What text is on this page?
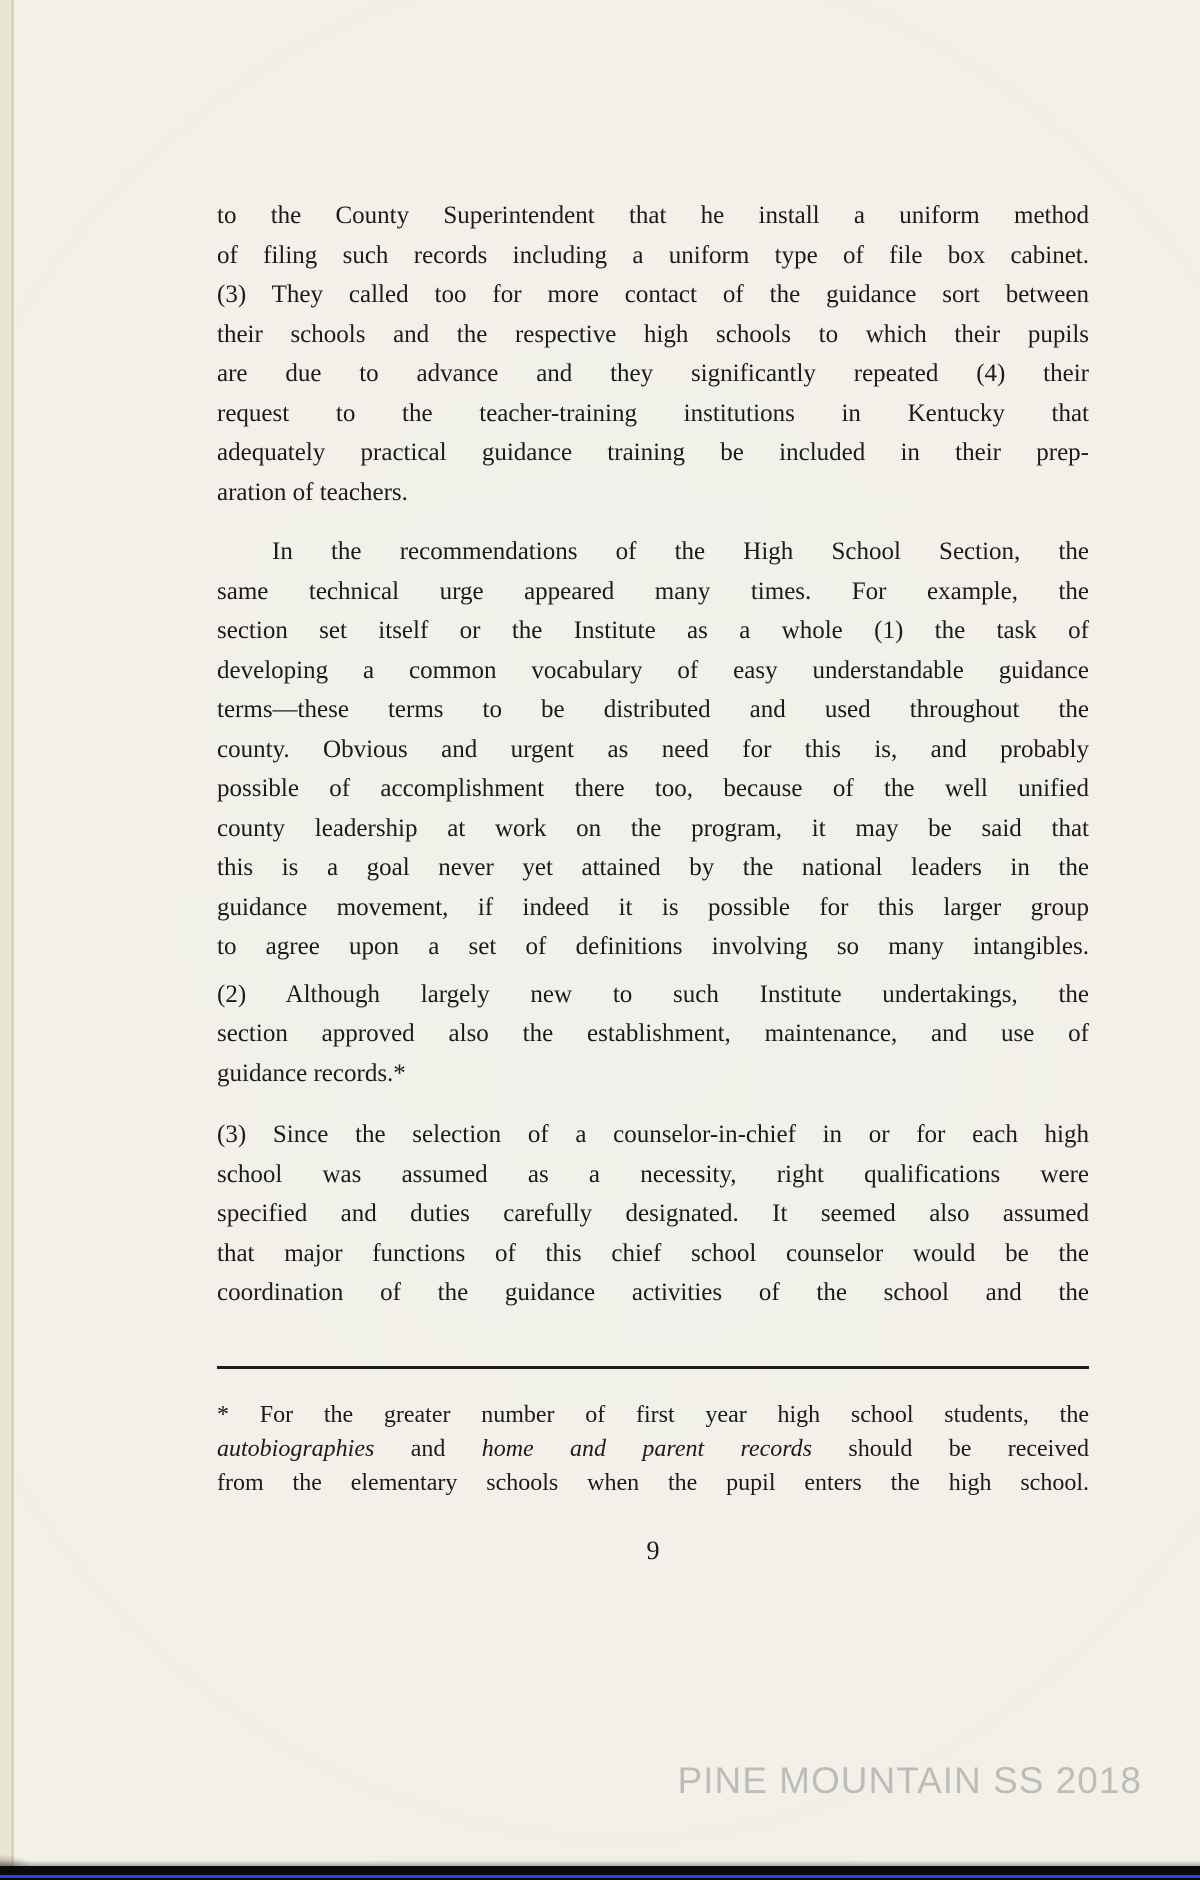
to the County Superintendent that he install a uniform method
of filing such records including a uniform type of file box cabinet.
(3) They called too for more contact of the guidance sort between
their schools and the respective high schools to which their pupils
are due to advance and they significantly repeated (4) their
request to the teacher-training institutions in Kentucky that
adequately practical guidance training be included in their prep-
aration of teachers.

In the recommendations of the High School Section, the
same technical urge appeared many times. For example, the
section set itself or the Institute as a whole (1) the task of
developing a common vocabulary of easy understandable guidance
terms—these terms to be distributed and used throughout the
county. Obvious and urgent as need for this is, and probably
possible of accomplishment there too, because of the well unified
county leadership at work on the program, it may be said that
this is a goal never yet attained by the national leaders in the
guidance movement, if indeed it is possible for this larger group
to agree upon a set of definitions involving so many intangibles.

(2) Although largely new to such Institute undertakings, the
section approved also the establishment, maintenance, and use of
guidance records.*

(3) Since the selection of a counselor-in-chief in or for each high
school was assumed as a necessity, right qualifications were
specified and duties carefully designated. It seemed also assumed
that major functions of this chief school counselor would be the
coordination of the guidance activities of the school and the

* For the greater number of first year high school students, the
autobiographies and home and parent records should be received
from the elementary schools when the pupil enters the high school.
9
PINE MOUNTAIN SS 2018
